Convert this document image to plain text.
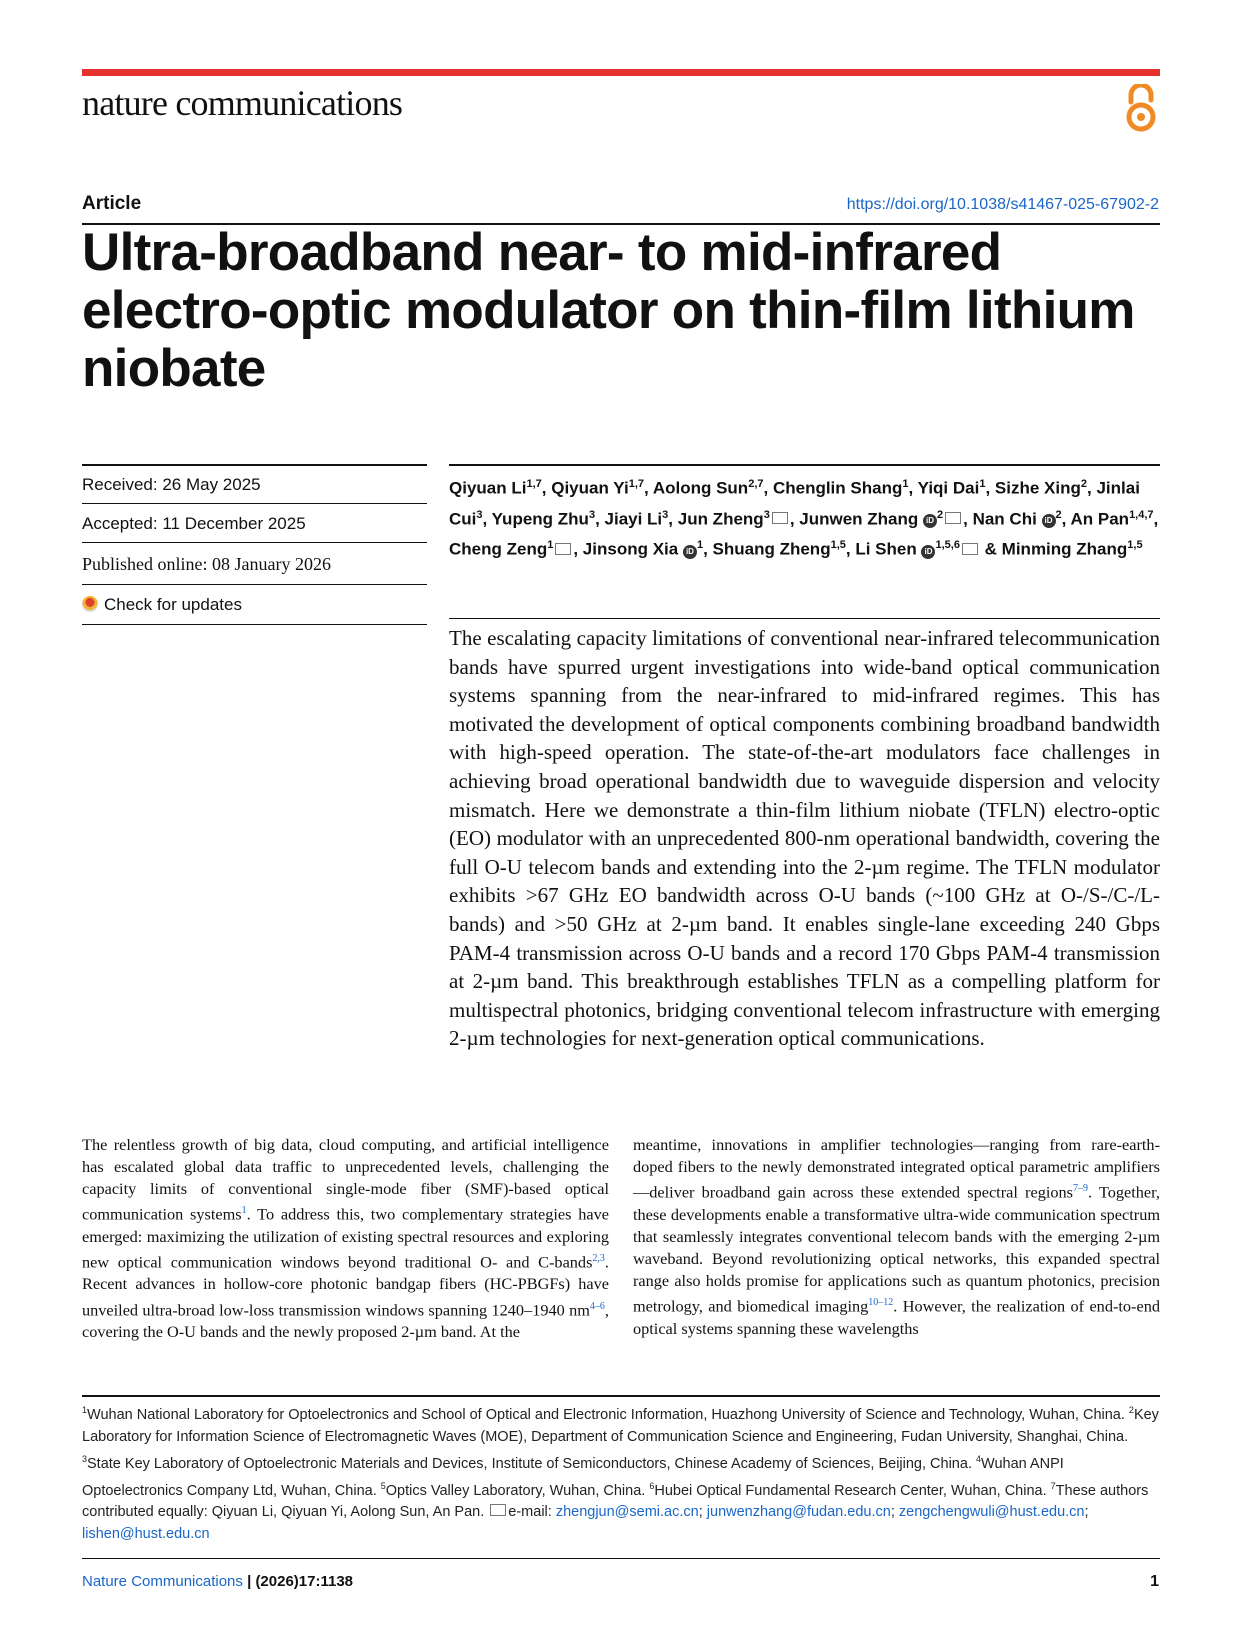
nature communications
Article	https://doi.org/10.1038/s41467-025-67902-2
Ultra-broadband near- to mid-infrared electro-optic modulator on thin-film lithium niobate
Received: 26 May 2025
Accepted: 11 December 2025
Published online: 08 January 2026
Check for updates

Qiyuan Li$^{1,7}$, Qiyuan Yi$^{1,7}$, Aolong Sun$^{2,7}$, Chenglin Shang$^1$, Yiqi Dai$^1$, Sizhe Xing$^2$, Jinlai Cui$^3$, Yupeng Zhu$^3$, Jiayi Li$^3$, Jun Zheng$^3$ , Junwen Zhang $iD^2$ , Nan Chi $iD^2$, An Pan$^{1,4,7}$, Cheng Zeng$^1$ , Jinsong Xia $iD^1$, Shuang Zheng$^{1,5}$, Li Shen iD$^{1,5,6}$ & Minming Zhang$^{1,5}$

The escalating capacity limitations of conventional near-infrared telecommunication bands have spurred urgent investigations into wide-band optical communication systems spanning from the near-infrared to mid-infrared regimes. This has motivated the development of optical components combining broadband bandwidth with high-speed operation. The state-of-the-art modulators face challenges in achieving broad operational bandwidth due to waveguide dispersion and velocity mismatch. Here we demonstrate a thin-film lithium niobate (TFLN) electro-optic (EO) modulator with an unprecedented 800-nm operational bandwidth, covering the full O-U telecom bands and extending into the 2-µm regime. The TFLN modulator exhibits >67 GHz EO bandwidth across O-U bands (~100 GHz at O-/S-/C-/L-bands) and >50 GHz at 2-µm band. It enables single-lane exceeding 240 Gbps PAM-4 transmission across O-U bands and a record 170 Gbps PAM-4 transmission at 2-µm band. This breakthrough establishes TFLN as a compelling platform for multispectral photonics, bridging conventional telecom infrastructure with emerging 2-µm technologies for next-generation optical communications.

The relentless growth of big data, cloud computing, and artificial intelligence has escalated global data traffic to unprecedented levels, challenging the capacity limits of conventional single-mode fiber (SMF)-based optical communication systems$^1$. To address this, two complementary strategies have emerged: maximizing the utilization of existing spectral resources and exploring new optical communication windows beyond traditional O- and C-bands$^{2,3}$. Recent advances in hollow-core photonic bandgap fibers (HC-PBGFs) have unveiled ultra-broad low-loss transmission windows spanning 1240–1940 $nm^{4-6}$, covering the O-U bands and the newly proposed 2-µm band. At the

meantime, innovations in amplifier technologies—ranging from rare-earth-doped fibers to the newly demonstrated integrated optical parametric amplifiers—deliver broadband gain across these extended spectral regions$^{7-9}$. Together, these developments enable a transformative ultra-wide communication spectrum that seamlessly integrates conventional telecom bands with the emerging 2-µm waveband. Beyond revolutionizing optical networks, this expanded spectral range also holds promise for applications such as quantum photonics, precision metrology, and biomedical imaging$^{10-12}$. However, the realization of end-to-end optical systems spanning these wavelengths

$^1$Wuhan National Laboratory for Optoelectronics and School of Optical and Electronic Information, Huazhong University of Science and Technology, Wuhan, China. $^2$Key Laboratory for Information Science of Electromagnetic Waves (MOE), Department of Communication Science and Engineering, Fudan University, Shanghai, China. $^3$State Key Laboratory of Optoelectronic Materials and Devices, Institute of Semiconductors, Chinese Academy of Sciences, Beijing, China. $^4$Wuhan ANPI Optoelectronics Company Ltd, Wuhan, China. $^5$Optics Valley Laboratory, Wuhan, China. $^6$Hubei Optical Fundamental Research Center, Wuhan, China. $^7$These authors contributed equally: Qiyuan Li, Qiyuan Yi, Aolong Sun, An Pan. e-mail: zhengjun@semi.ac.cn; junwenzhang@fudan.edu.cn; zengchengwuli@hust.edu.cn; lishen@hust.edu.cn

Nature Communications | (2026)17:1138	1
